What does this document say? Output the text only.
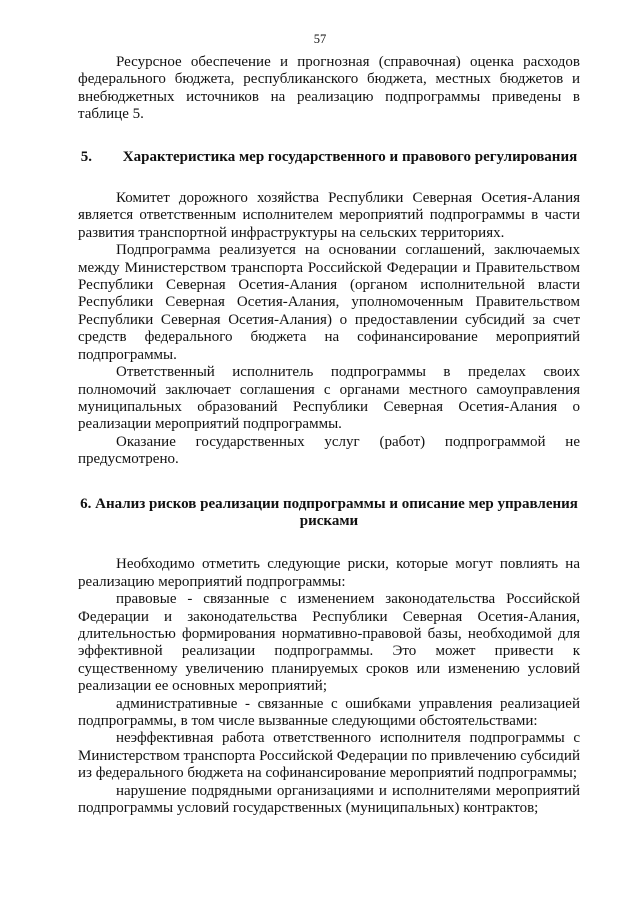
57

Ресурсное обеспечение и прогнозная (справочная) оценка расходов федерального бюджета, республиканского бюджета, местных бюджетов и внебюджетных источников на реализацию подпрограммы приведены в таблице 5.

5. Характеристика мер государственного и правового регулирования

Комитет дорожного хозяйства Республики Северная Осетия-Алания является ответственным исполнителем мероприятий подпрограммы в части развития транспортной инфраструктуры на сельских территориях.

Подпрограмма реализуется на основании соглашений, заключаемых между Министерством транспорта Российской Федерации и Правительством Республики Северная Осетия-Алания (органом исполнительной власти Республики Северная Осетия-Алания, уполномоченным Правительством Республики Северная Осетия-Алания) о предоставлении субсидий за счет средств федерального бюджета на софинансирование мероприятий подпрограммы.

Ответственный исполнитель подпрограммы в пределах своих полномочий заключает соглашения с органами местного самоуправления муниципальных образований Республики Северная Осетия-Алания о реализации мероприятий подпрограммы.

Оказание государственных услуг (работ) подпрограммой не предусмотрено.

6. Анализ рисков реализации подпрограммы и описание мер управления рисками

Необходимо отметить следующие риски, которые могут повлиять на реализацию мероприятий подпрограммы:

правовые - связанные с изменением законодательства Российской Федерации и законодательства Республики Северная Осетия-Алания, длительностью формирования нормативно-правовой базы, необходимой для эффективной реализации подпрограммы. Это может привести к существенному увеличению планируемых сроков или изменению условий реализации ее основных мероприятий;

административные - связанные с ошибками управления реализацией подпрограммы, в том числе вызванные следующими обстоятельствами:

неэффективная работа ответственного исполнителя подпрограммы с Министерством транспорта Российской Федерации по привлечению субсидий из федерального бюджета на софинансирование мероприятий подпрограммы;

нарушение подрядными организациями и исполнителями мероприятий подпрограммы условий государственных (муниципальных) контрактов;
